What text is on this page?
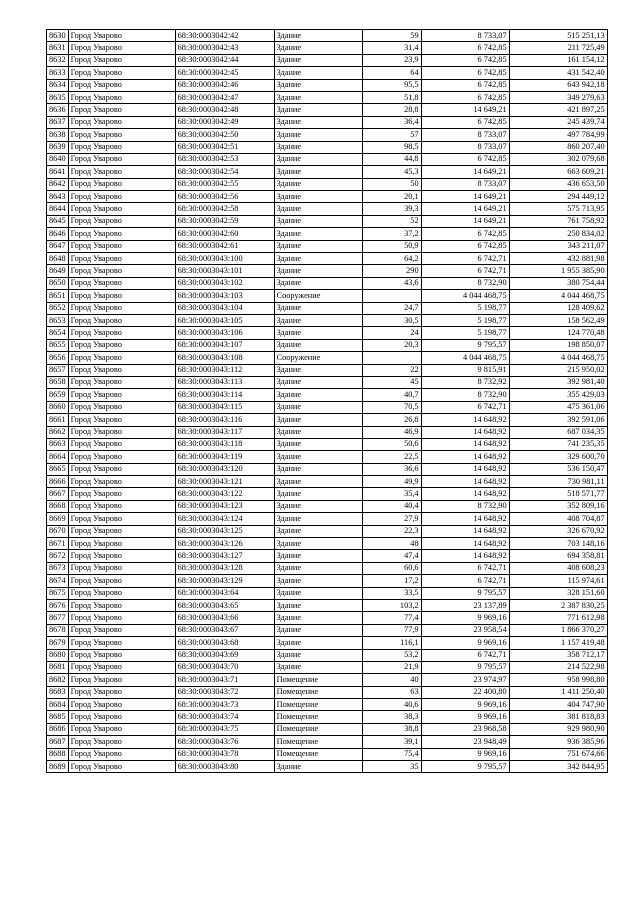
8630	Город Уварово	68:30:0003042:42	Здание	59	8 733,07	515 251,13
8631	Город Уварово	68:30:0003042:43	Здание	31,4	6 742,85	211 725,49
8632	Город Уварово	68:30:0003042:44	Здание	23,9	6 742,85	161 154,12
8633	Город Уварово	68:30:0003042:45	Здание	64	6 742,85	431 542,40
8634	Город Уварово	68:30:0003042:46	Здание	95,5	6 742,85	643 942,18
8635	Город Уварово	68:30:0003042:47	Здание	51,8	6 742,85	349 279,63
8636	Город Уварово	68:30:0003042:48	Здание	28,8	14 649,21	421 897,25
8637	Город Уварово	68:30:0003042:49	Здание	36,4	6 742,85	245 439,74
8638	Город Уварово	68:30:0003042:50	Здание	57	8 733,07	497 784,99
8639	Город Уварово	68:30:0003042:51	Здание	98,5	8 733,07	860 207,40
8640	Город Уварово	68:30:0003042:53	Здание	44,8	6 742,85	302 079,68
8641	Город Уварово	68:30:0003042:54	Здание	45,3	14 649,21	663 609,21
8642	Город Уварово	68:30:0003042:55	Здание	50	8 733,07	436 653,50
8643	Город Уварово	68:30:0003042:56	Здание	20,1	14 649,21	294 449,12
8644	Город Уварово	68:30:0003042:58	Здание	39,3	14 649,21	575 713,95
8645	Город Уварово	68:30:0003042:59	Здание	52	14 649,21	761 758,92
8646	Город Уварово	68:30:0003042:60	Здание	37,2	6 742,85	250 834,02
8647	Город Уварово	68:30:0003042:61	Здание	50,9	6 742,85	343 211,07
8648	Город Уварово	68:30:0003043:100	Здание	64,2	6 742,71	432 881,98
8649	Город Уварово	68:30:0003043:101	Здание	290	6 742,71	1 955 385,90
8650	Город Уварово	68:30:0003043:102	Здание	43,6	8 732,90	380 754,44
8651	Город Уварово	68:30:0003043:103	Сооружение		4 044 468,75	4 044 468,75
8652	Город Уварово	68:30:0003043:104	Здание	24,7	5 198,77	128 409,62
8653	Город Уварово	68:30:0003043:105	Здание	30,5	5 198,77	158 562,49
8654	Город Уварово	68:30:0003043:106	Здание	24	5 198,77	124 770,48
8655	Город Уварово	68:30:0003043:107	Здание	20,3	9 795,57	198 850,07
8656	Город Уварово	68:30:0003043:108	Сооружение		4 044 468,75	4 044 468,75
8657	Город Уварово	68:30:0003043:112	Здание	22	9 815,91	215 950,02
8658	Город Уварово	68:30:0003043:113	Здание	45	8 732,92	392 981,40
8659	Город Уварово	68:30:0003043:114	Здание	40,7	8 732,90	355 429,03
8660	Город Уварово	68:30:0003043:115	Здание	70,5	6 742,71	475 361,06
8661	Город Уварово	68:30:0003043:116	Здание	26,8	14 648,92	392 591,06
8662	Город Уварово	68:30:0003043:117	Здание	46,9	14 648,92	687 034,35
8663	Город Уварово	68:30:0003043:118	Здание	50,6	14 648,92	741 235,35
8664	Город Уварово	68:30:0003043:119	Здание	22,5	14 648,92	329 600,70
8665	Город Уварово	68:30:0003043:120	Здание	36,6	14 648,92	536 150,47
8666	Город Уварово	68:30:0003043:121	Здание	49,9	14 648,92	730 981,11
8667	Город Уварово	68:30:0003043:122	Здание	35,4	14 648,92	518 571,77
8668	Город Уварово	68:30:0003043:123	Здание	40,4	8 732,90	352 809,16
8669	Город Уварово	68:30:0003043:124	Здание	27,9	14 648,92	408 704,87
8670	Город Уварово	68:30:0003043:125	Здание	22,3	14 648,92	326 670,92
8671	Город Уварово	68:30:0003043:126	Здание	48	14 648,92	703 148,16
8672	Город Уварово	68:30:0003043:127	Здание	47,4	14 648,92	694 358,81
8673	Город Уварово	68:30:0003043:128	Здание	60,6	6 742,71	408 608,23
8674	Город Уварово	68:30:0003043:129	Здание	17,2	6 742,71	115 974,61
8675	Город Уварово	68:30:0003043:64	Здание	33,5	9 795,57	328 151,60
8676	Город Уварово	68:30:0003043:65	Здание	103,2	23 137,89	2 387 830,25
8677	Город Уварово	68:30:0003043:66	Здание	77,4	9 969,16	771 612,98
8678	Город Уварово	68:30:0003043:67	Здание	77,9	23 958,54	1 866 370,27
8679	Город Уварово	68:30:0003043:68	Здание	116,1	9 969,16	1 157 419,48
8680	Город Уварово	68:30:0003043:69	Здание	53,2	6 742,71	358 712,17
8681	Город Уварово	68:30:0003043:70	Здание	21,9	9 795,57	214 522,98
8682	Город Уварово	68:30:0003043:71	Помещение	40	23 974,97	958 998,80
8683	Город Уварово	68:30:0003043:72	Помещение	63	22 400,80	1 411 250,40
8684	Город Уварово	68:30:0003043:73	Помещение	40,6	9 969,16	404 747,90
8685	Город Уварово	68:30:0003043:74	Помещение	38,3	9 969,16	381 818,83
8686	Город Уварово	68:30:0003043:75	Помещение	38,8	23 968,58	929 980,90
8687	Город Уварово	68:30:0003043:76	Помещение	39,1	23 948,49	936 385,96
8688	Город Уварово	68:30:0003043:78	Помещение	75,4	9 969,16	751 674,66
8689	Город Уварово	68:30:0003043:80	Здание	35	9 795,57	342 844,95
